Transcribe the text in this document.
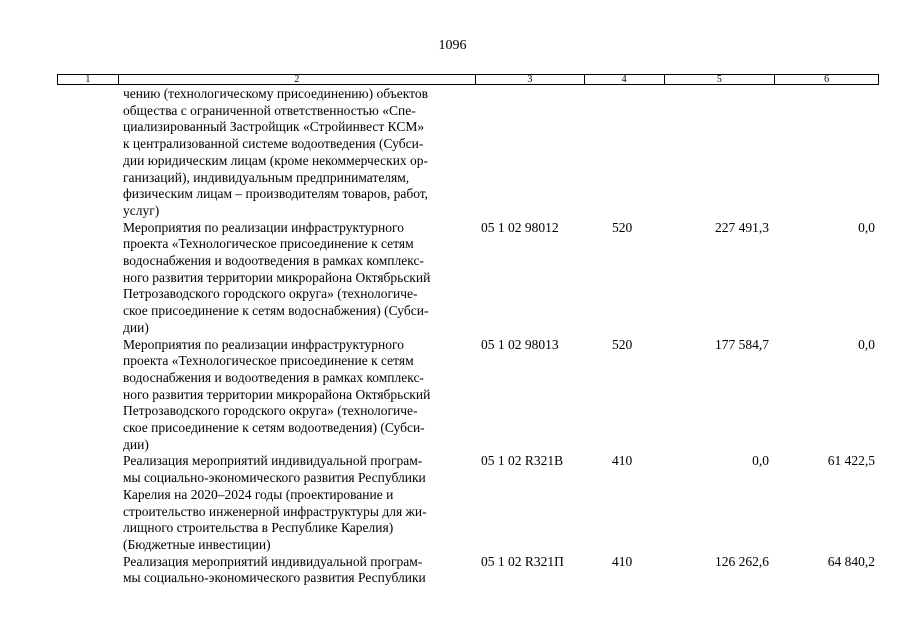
1096
1	2	3	4	5	6
чению (технологическому присоединению) объектов
общества с ограниченной ответственностью «Спе-
циализированный Застройщик «Стройинвест КСМ»
к централизованной системе водоотведения (Субси-
дии юридическим лицам (кроме некоммерческих ор-
ганизаций), индивидуальным предпринимателям,
физическим лицам – производителям товаров, работ,
услуг)
Мероприятия по реализации инфраструктурного
проекта «Технологическое присоединение к сетям
водоснабжения и водоотведения в рамках комплекс-
ного развития территории микрорайона Октябрьский
Петрозаводского городского округа» (технологиче-
ское присоединение к сетям водоснабжения) (Субси-
дии)
05 1 02 98012	520	227 491,3	0,0
Мероприятия по реализации инфраструктурного
проекта «Технологическое присоединение к сетям
водоснабжения и водоотведения в рамках комплекс-
ного развития территории микрорайона Октябрьский
Петрозаводского городского округа» (технологиче-
ское присоединение к сетям водоотведения) (Субси-
дии)
05 1 02 98013	520	177 584,7	0,0
Реализация мероприятий индивидуальной програм-
мы социально-экономического развития Республики
Карелия на 2020–2024 годы (проектирование и
строительство инженерной инфраструктуры для жи-
лищного строительства в Республике Карелия)
(Бюджетные инвестиции)
05 1 02 R321В	410	0,0	61 422,5
Реализация мероприятий индивидуальной програм-
мы социально-экономического развития Республики
05 1 02 R321П	410	126 262,6	64 840,2
